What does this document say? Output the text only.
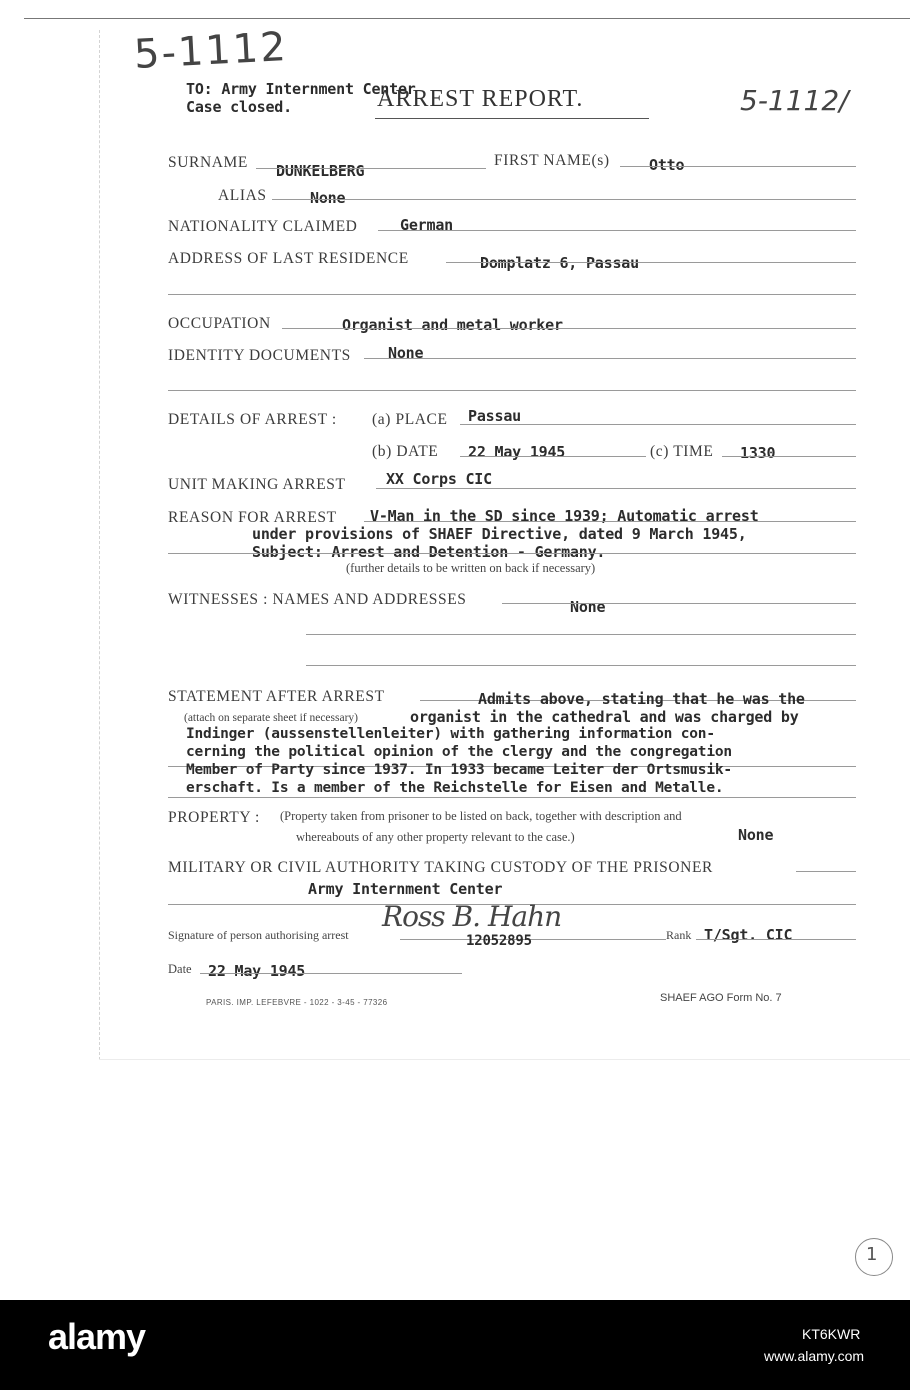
5-1112
5-1112/
TO: Army Internment Center
Case closed.	ARREST REPORT.
SURNAME DUNKELBERG
FIRST NAME(s)	Otto
ALIAS	None
NATIONALITY CLAIMED	German
ADDRESS OF LAST RESIDENCE	Domplatz 6, Passau
OCCUPATION	Organist and metal worker
IDENTITY DOCUMENTS None
DETAILS OF ARREST : (a) PLACE Passau
(b) DATE 22 May 1945	(c) TIME 1330
UNIT MAKING ARREST	XX Corps CIC
REASON FOR ARREST V-Man in the SD since 1939; Automatic arrest
under provisions of SHAEF Directive, dated 9 March 1945,
Subject: Arrest and Detention - Germany.
(further details to be written on back if necessary)
WITNESSES : NAMES AND ADDRESSES	None
STATEMENT AFTER ARREST
(attach on separate sheet if necessary)
Admits above, stating that he was the
organist in the cathedral and was charged by
Indinger (aussenstellenleiter) with gathering information con-
cerning the political opinion of the clergy and the congregation
Member of Party since 1937. In 1933 became Leiter der Ortsmusik-
erschaft. Is a member of the Reichstelle for Eisen and Metalle.
PROPERTY : (Property taken from prisoner to be listed on back, together with description and
whereabouts of any other property relevant to the case.)	None
MILITARY OR CIVIL AUTHORITY TAKING CUSTODY OF THE PRISONER
Army Internment Center
Signature of person authorising arrest
Ross B. Hahn
12052895	Rank T/Sgt. CIC
Date 22 May 1945
PARIS. IMP. LEFEBVRE - 1022 - 3-45 - 77326	SHAEF AGO Form No. 7
1
alamy	KT6KWR
www.alamy.com
